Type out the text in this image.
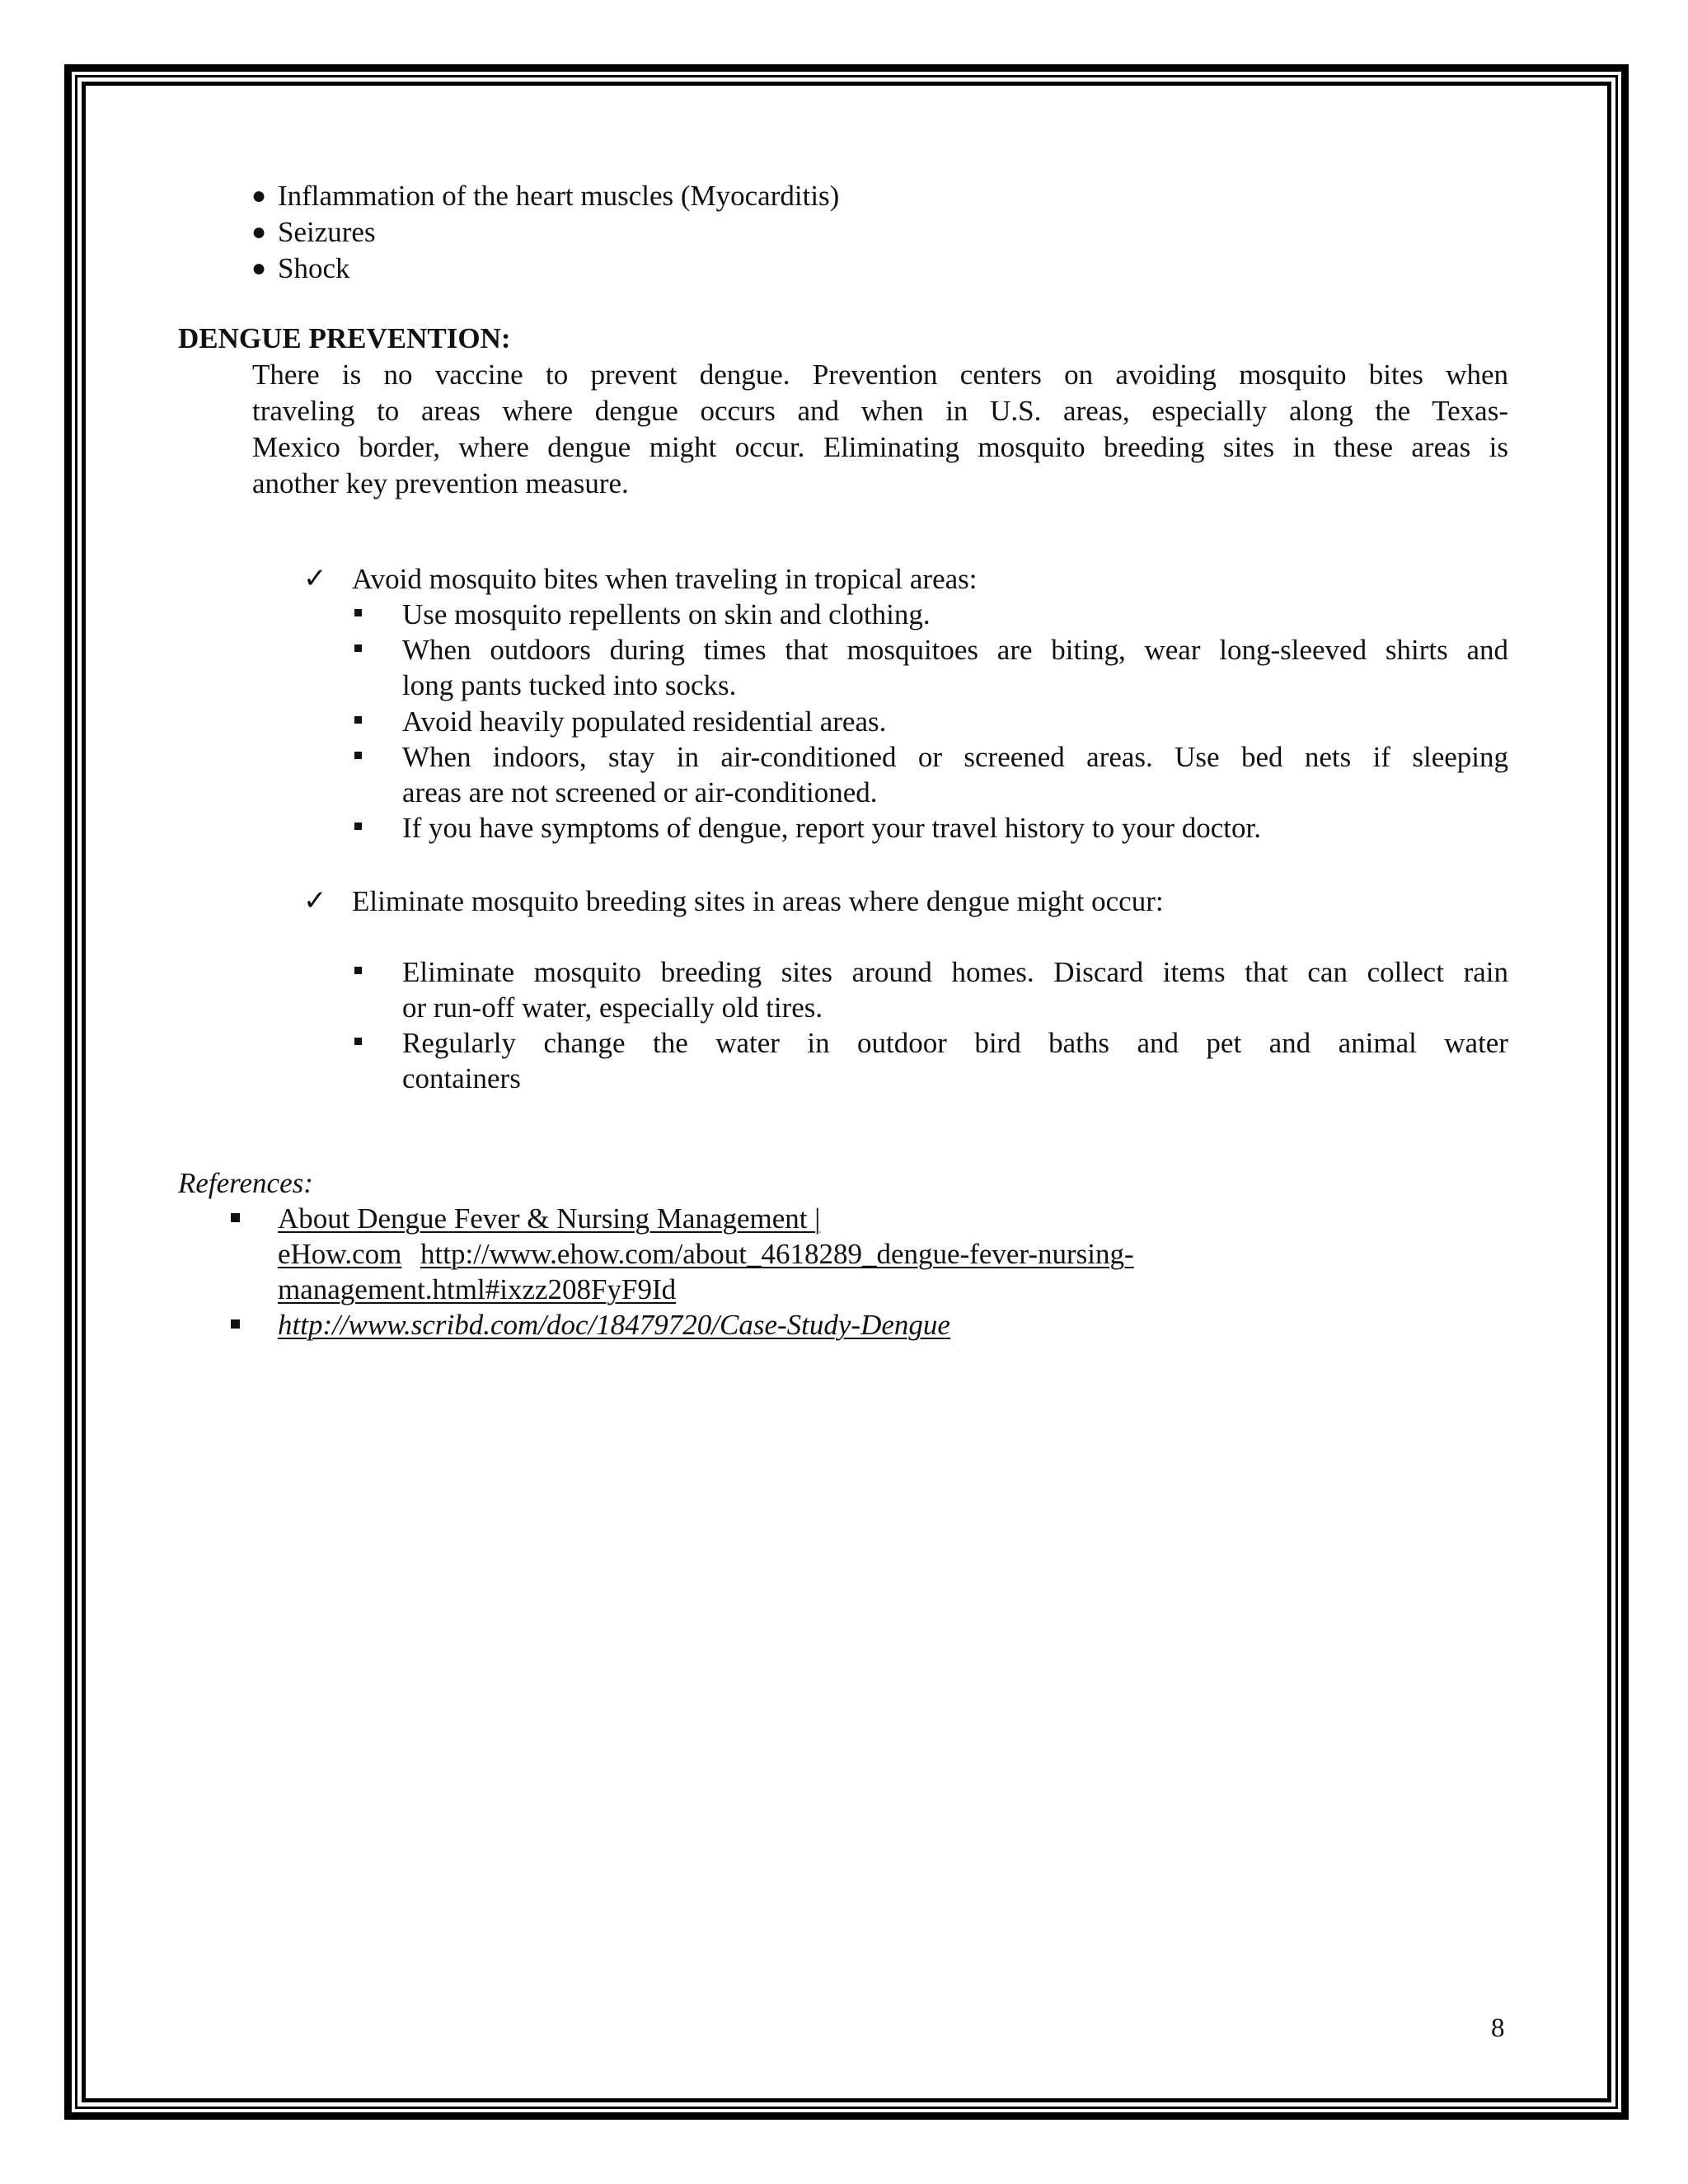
● Inflammation of the heart muscles (Myocarditis)
● Seizures
● Shock
DENGUE PREVENTION:
There is no vaccine to prevent dengue. Prevention centers on avoiding mosquito bites when
traveling to areas where dengue occurs and when in U.S. areas, especially along the Texas-
Mexico border, where dengue might occur. Eliminating mosquito breeding sites in these areas is
another key prevention measure.
✓ Avoid mosquito bites when traveling in tropical areas:
Use mosquito repellents on skin and clothing.
When outdoors during times that mosquitoes are biting, wear long-sleeved shirts and
long pants tucked into socks.
Avoid heavily populated residential areas.
When indoors, stay in air-conditioned or screened areas. Use bed nets if sleeping
areas are not screened or air-conditioned.
If you have symptoms of dengue, report your travel history to your doctor.
✓ Eliminate mosquito breeding sites in areas where dengue might occur:
Eliminate mosquito breeding sites around homes. Discard items that can collect rain
or run-off water, especially old tires.
Regularly change the water in outdoor bird baths and pet and animal water
containers
References:
About Dengue Fever & Nursing Management |
eHow.com http://www.ehow.com/about_4618289_dengue-fever-nursing-
management.html#ixzz208FyF9Id
http://www.scribd.com/doc/18479720/Case-Study-Dengue
8
